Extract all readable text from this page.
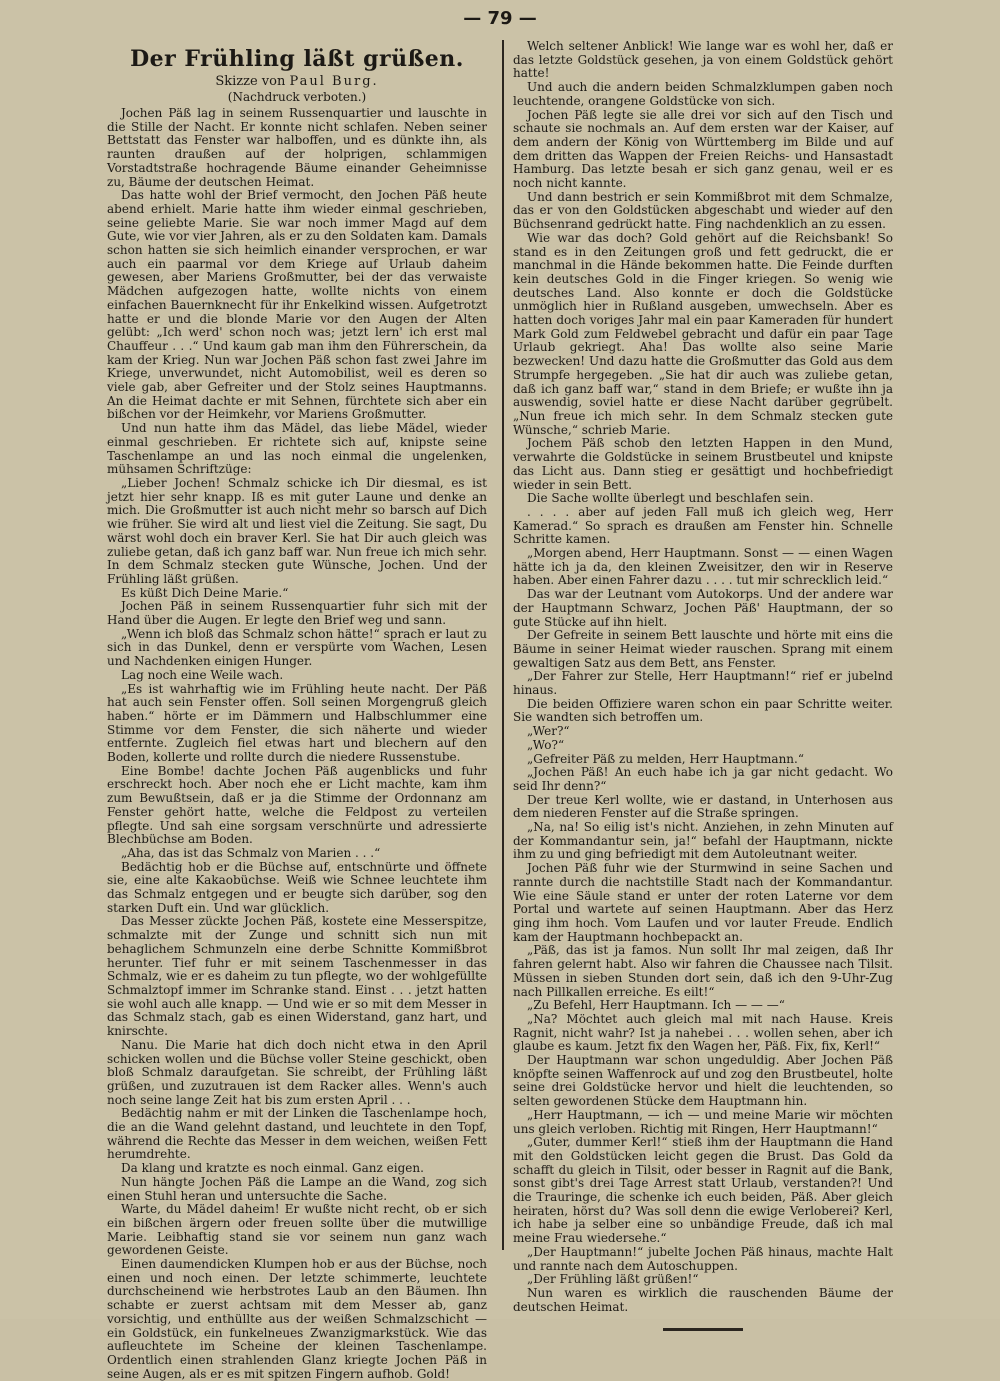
— 79 —
Der Frühling läßt grüßen.
Skizze von Paul Burg.
(Nachdruck verboten.)

Jochen Päß lag in seinem Russenquartier und lauschte in die Stille der Nacht. Er konnte nicht schlafen. Neben seiner Bettstatt das Fenster war halboffen, und es dünkte ihn, als raunten draußen auf der holprigen, schlammigen Vorstadtstraße hochragende Bäume einander Geheimnisse zu, Bäume der deutschen Heimat.

Das hatte wohl der Brief vermocht, den Jochen Päß heute abend erhielt. Marie hatte ihm wieder einmal geschrieben, seine geliebte Marie. Sie war noch immer Magd auf dem Gute, wie vor vier Jahren, als er zu den Soldaten kam. Damals schon hatten sie sich heimlich einander versprochen, er war auch ein paarmal vor dem Kriege auf Urlaub daheim gewesen, aber Mariens Großmutter, bei der das verwaiste Mädchen aufgezogen hatte, wollte nichts von einem einfachen Bauernknecht für ihr Enkelkind wissen. Aufgetrotzt hatte er und die blonde Marie vor den Augen der Alten gelübt: „Ich werd' schon noch was; jetzt lern' ich erst mal Chauffeur . . .“ Und kaum gab man ihm den Führerschein, da kam der Krieg. Nun war Jochen Päß schon fast zwei Jahre im Kriege, unverwundet, nicht Automobilist, weil es deren so viele gab, aber Gefreiter und der Stolz seines Hauptmanns. An die Heimat dachte er mit Sehnen, fürchtete sich aber ein bißchen vor der Heimkehr, vor Mariens Großmutter.

Und nun hatte ihm das Mädel, das liebe Mädel, wieder einmal geschrieben. Er richtete sich auf, knipste seine Taschenlampe an und las noch einmal die ungelenken, mühsamen Schriftzüge:

„Lieber Jochen! Schmalz schicke ich Dir diesmal, es ist jetzt hier sehr knapp. Iß es mit guter Laune und denke an mich. Die Großmutter ist auch nicht mehr so barsch auf Dich wie früher. Sie wird alt und liest viel die Zeitung. Sie sagt, Du wärst wohl doch ein braver Kerl. Sie hat Dir auch gleich was zuliebe getan, daß ich ganz baff war. Nun freue ich mich sehr. In dem Schmalz stecken gute Wünsche, Jochen. Und der Frühling läßt grüßen.

Es küßt Dich Deine Marie.“

Jochen Päß in seinem Russenquartier fuhr sich mit der Hand über die Augen. Er legte den Brief weg und sann.

„Wenn ich bloß das Schmalz schon hätte!“ sprach er laut zu sich in das Dunkel, denn er verspürte vom Wachen, Lesen und Nachdenken einigen Hunger.

Lag noch eine Weile wach.

„Es ist wahrhaftig wie im Frühling heute nacht. Der Päß hat auch sein Fenster offen. Soll seinen Morgengruß gleich haben.“ hörte er im Dämmern und Halbschlummer eine Stimme vor dem Fenster, die sich näherte und wieder entfernte. Zugleich fiel etwas hart und blechern auf den Boden, kollerte und rollte durch die niedere Russenstube.

Eine Bombe! dachte Jochen Päß augenblicks und fuhr erschreckt hoch. Aber noch ehe er Licht machte, kam ihm zum Bewußtsein, daß er ja die Stimme der Ordonnanz am Fenster gehört hatte, welche die Feldpost zu verteilen pflegte. Und sah eine sorgsam verschnürte und adressierte Blechbüchse am Boden.

„Aha, das ist das Schmalz von Marien . . .“

Bedächtig hob er die Büchse auf, entschnürte und öffnete sie, eine alte Kakaobüchse. Weiß wie Schnee leuchtete ihm das Schmalz entgegen und er beugte sich darüber, sog den starken Duft ein. Und war glücklich.

Das Messer zückte Jochen Päß, kostete eine Messerspitze, schmalzte mit der Zunge und schnitt sich nun mit behaglichem Schmunzeln eine derbe Schnitte Kommißbrot herunter. Tief fuhr er mit seinem Taschenmesser in das Schmalz, wie er es daheim zu tun pflegte, wo der wohlgefüllte Schmalztopf immer im Schranke stand. Einst . . . jetzt hatten sie wohl auch alle knapp. — Und wie er so mit dem Messer in das Schmalz stach, gab es einen Widerstand, ganz hart, und knirschte.

Nanu. Die Marie hat dich doch nicht etwa in den April schicken wollen und die Büchse voller Steine geschickt, oben bloß Schmalz daraufgetan. Sie schreibt, der Frühling läßt grüßen, und zuzutrauen ist dem Racker alles. Wenn's auch noch seine lange Zeit hat bis zum ersten April . . .

Bedächtig nahm er mit der Linken die Taschenlampe hoch, die an die Wand gelehnt dastand, und leuchtete in den Topf, während die Rechte das Messer in dem weichen, weißen Fett herumdrehte.

Da klang und kratzte es noch einmal. Ganz eigen.

Nun hängte Jochen Päß die Lampe an die Wand, zog sich einen Stuhl heran und untersuchte die Sache.

Warte, du Mädel daheim! Er wußte nicht recht, ob er sich ein bißchen ärgern oder freuen sollte über die mutwillige Marie. Leibhaftig stand sie vor seinem nun ganz wach gewordenen Geiste.

Einen daumendicken Klumpen hob er aus der Büchse, noch einen und noch einen. Der letzte schimmerte, leuchtete durchscheinend wie herbstrotes Laub an den Bäumen. Ihn schabte er zuerst achtsam mit dem Messer ab, ganz vorsichtig, und enthüllte aus der weißen Schmalzschicht — ein Goldstück, ein funkelneues Zwanzigmarkstück. Wie das aufleuchtete im Scheine der kleinen Taschenlampe. Ordentlich einen strahlenden Glanz kriegte Jochen Päß in seine Augen, als er es mit spitzen Fingern aufhob. Gold!

Welch seltener Anblick! Wie lange war es wohl her, daß er das letzte Goldstück gesehen, ja von einem Goldstück gehört hatte!

Und auch die andern beiden Schmalzklumpen gaben noch leuchtende, orangene Goldstücke von sich.

Jochen Päß legte sie alle drei vor sich auf den Tisch und schaute sie nochmals an. Auf dem ersten war der Kaiser, auf dem andern der König von Württemberg im Bilde und auf dem dritten das Wappen der Freien Reichs- und Hansastadt Hamburg. Das letzte besah er sich ganz genau, weil er es noch nicht kannte.

Und dann bestrich er sein Kommißbrot mit dem Schmalze, das er von den Goldstücken abgeschabt und wieder auf den Büchsenrand gedrückt hatte. Fing nachdenklich an zu essen.

Wie war das doch? Gold gehört auf die Reichsbank! So stand es in den Zeitungen groß und fett gedruckt, die er manchmal in die Hände bekommen hatte. Die Feinde durften kein deutsches Gold in die Finger kriegen. So wenig wie deutsches Land. Also konnte er doch die Goldstücke unmöglich hier in Rußland ausgeben, umwechseln. Aber es hatten doch voriges Jahr mal ein paar Kameraden für hundert Mark Gold zum Feldwebel gebracht und dafür ein paar Tage Urlaub gekriegt. Aha! Das wollte also seine Marie bezwecken! Und dazu hatte die Großmutter das Gold aus dem Strumpfe hergegeben. „Sie hat dir auch was zuliebe getan, daß ich ganz baff war,“ stand in dem Briefe; er wußte ihn ja auswendig, soviel hatte er diese Nacht darüber gegrübelt. „Nun freue ich mich sehr. In dem Schmalz stecken gute Wünsche,“ schrieb Marie.

Jochem Päß schob den letzten Happen in den Mund, verwahrte die Goldstücke in seinem Brustbeutel und knipste das Licht aus. Dann stieg er gesättigt und hochbefriedigt wieder in sein Bett.

Die Sache wollte überlegt und beschlafen sein.

. . . . aber auf jeden Fall muß ich gleich weg, Herr Kamerad.“ So sprach es draußen am Fenster hin. Schnelle Schritte kamen.

„Morgen abend, Herr Hauptmann. Sonst — — einen Wagen hätte ich ja da, den kleinen Zweisitzer, den wir in Reserve haben. Aber einen Fahrer dazu . . . . tut mir schrecklich leid.“

Das war der Leutnant vom Autokorps. Und der andere war der Hauptmann Schwarz, Jochen Päß' Hauptmann, der so gute Stücke auf ihn hielt.

Der Gefreite in seinem Bett lauschte und hörte mit eins die Bäume in seiner Heimat wieder rauschen. Sprang mit einem gewaltigen Satz aus dem Bett, ans Fenster.

„Der Fahrer zur Stelle, Herr Hauptmann!“ rief er jubelnd hinaus.

Die beiden Offiziere waren schon ein paar Schritte weiter. Sie wandten sich betroffen um.

„Wer?“

„Wo?“

„Gefreiter Päß zu melden, Herr Hauptmann.“

„Jochen Päß! An euch habe ich ja gar nicht gedacht. Wo seid Ihr denn?“

Der treue Kerl wollte, wie er dastand, in Unterhosen aus dem niederen Fenster auf die Straße springen.

„Na, na! So eilig ist's nicht. Anziehen, in zehn Minuten auf der Kommandantur sein, ja!“ befahl der Hauptmann, nickte ihm zu und ging befriedigt mit dem Autoleutnant weiter.

Jochen Päß fuhr wie der Sturmwind in seine Sachen und rannte durch die nachtstille Stadt nach der Kommandantur. Wie eine Säule stand er unter der roten Laterne vor dem Portal und wartete auf seinen Hauptmann. Aber das Herz ging ihm hoch. Vom Laufen und vor lauter Freude. Endlich kam der Hauptmann hochbepackt an.

„Päß, das ist ja famos. Nun sollt Ihr mal zeigen, daß Ihr fahren gelernt habt. Also wir fahren die Chaussee nach Tilsit. Müssen in sieben Stunden dort sein, daß ich den 9-Uhr-Zug nach Pillkallen erreiche. Es eilt!“

„Zu Befehl, Herr Hauptmann. Ich — — —“

„Na? Möchtet auch gleich mal mit nach Hause. Kreis Ragnit, nicht wahr? Ist ja nahebei . . . wollen sehen, aber ich glaube es kaum. Jetzt fix den Wagen her, Päß. Fix, fix, Kerl!“

Der Hauptmann war schon ungeduldig. Aber Jochen Päß knöpfte seinen Waffenrock auf und zog den Brustbeutel, holte seine drei Goldstücke hervor und hielt die leuchtenden, so selten gewordenen Stücke dem Hauptmann hin.

„Herr Hauptmann, — ich — und meine Marie wir möchten uns gleich verloben. Richtig mit Ringen, Herr Hauptmann!“

„Guter, dummer Kerl!“ stieß ihm der Hauptmann die Hand mit den Goldstücken leicht gegen die Brust. Das Gold da schafft du gleich in Tilsit, oder besser in Ragnit auf die Bank, sonst gibt's drei Tage Arrest statt Urlaub, verstanden?! Und die Trauringe, die schenke ich euch beiden, Päß. Aber gleich heiraten, hörst du? Was soll denn die ewige Verloberei? Kerl, ich habe ja selber eine so unbändige Freude, daß ich mal meine Frau wiedersehe.“

„Der Hauptmann!“ jubelte Jochen Päß hinaus, machte Halt und rannte nach dem Autoschuppen.

„Der Frühling läßt grüßen!“

Nun waren es wirklich die rauschenden Bäume der deutschen Heimat.
